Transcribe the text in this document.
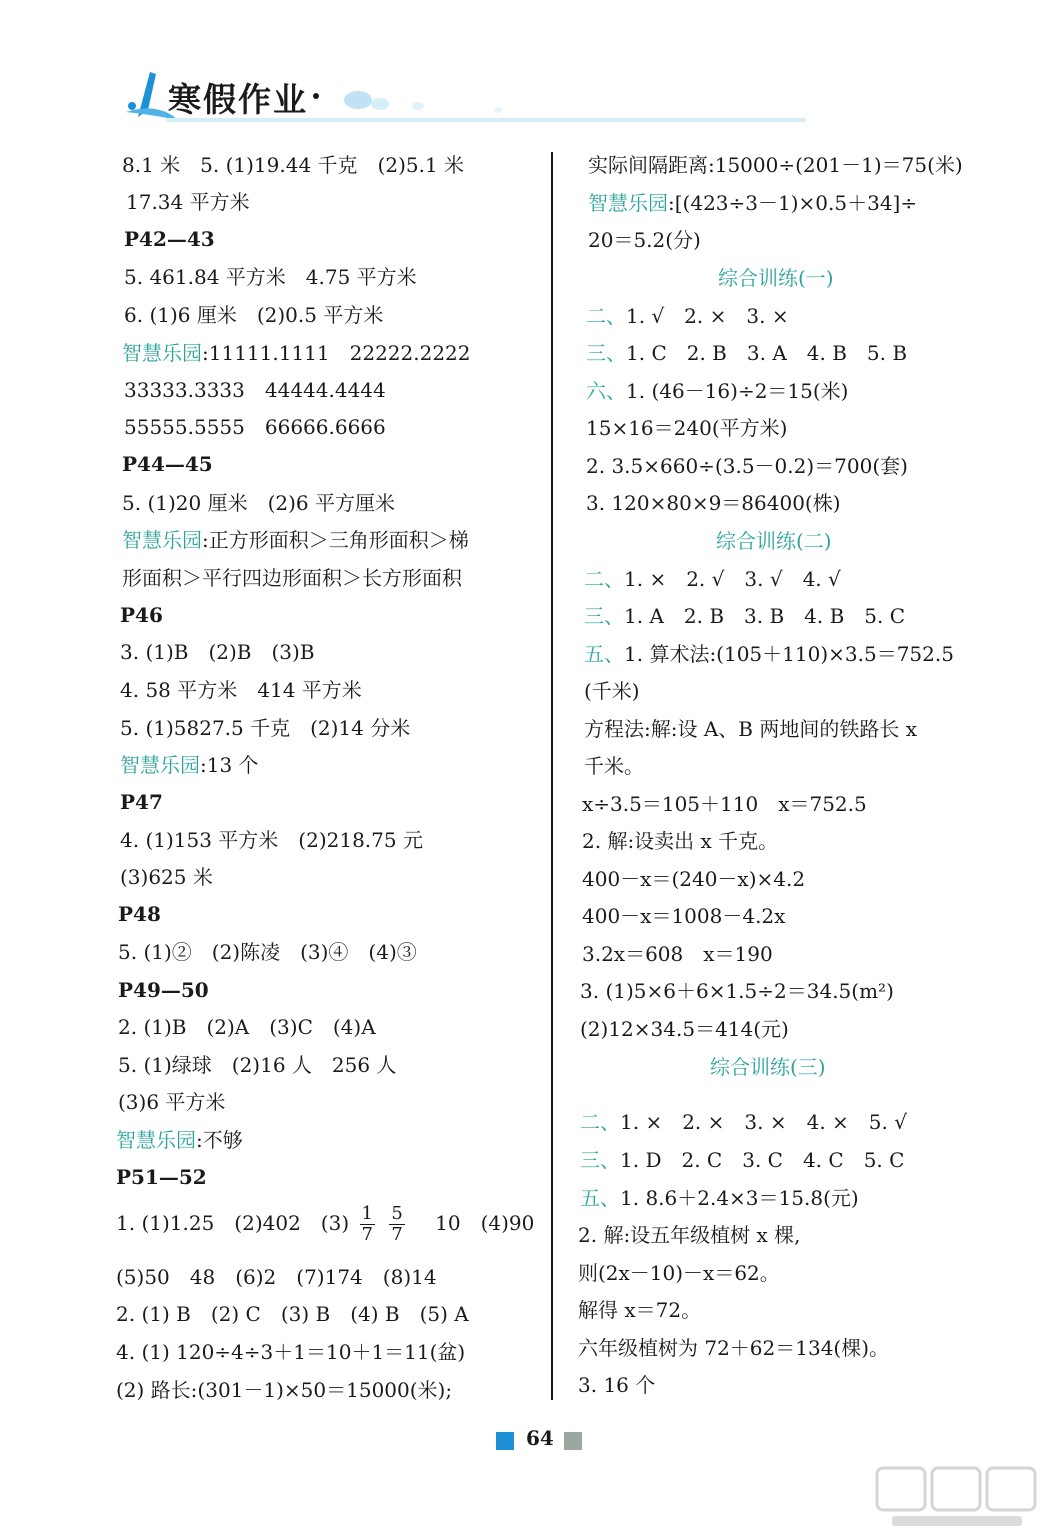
寒假作业
8.1 米　5. (1)19.44 千克　(2)5.1 米
17.34 平方米
P42—43
5. 461.84 平方米　4.75 平方米
6. (1)6 厘米　(2)0.5 平方米
智慧乐园:11111.1111　22222.2222
33333.3333　44444.4444
55555.5555　66666.6666
P44—45
5. (1)20 厘米　(2)6 平方厘米
智慧乐园:正方形面积＞三角形面积＞梯
形面积＞平行四边形面积＞长方形面积
P46
3. (1)B　(2)B　(3)B
4. 58 平方米　414 平方米
5. (1)5827.5 千克　(2)14 分米
智慧乐园:13 个
P47
4. (1)153 平方米　(2)218.75 元
(3)625 米
P48
5. (1)②　(2)陈凌　(3)④　(4)③
P49—50
2. (1)B　(2)A　(3)C　(4)A
5. (1)绿球　(2)16 人　256 人
(3)6 平方米
智慧乐园:不够
P51—52
(5)50　48　(6)2　(7)174　(8)14
2. (1) B　(2) C　(3) B　(4) B　(5) A
4. (1) 120÷4÷3＋1＝10＋1＝11(盆)
(2) 路长:(301－1)×50＝15000(米);
1. (1)1.25　(2)402　$(3) \frac{1}{7}$
$\frac{5}{7}$ 　10　(4)90
实际间隔距离:15000÷(201－1)＝75(米)
智慧乐园:[(423÷3－1)×0.5＋34]÷
20＝5.2(分)
综合训练(一)
二、1. √　2. ×　3. ×
三、1. C　2. B　3. A　4. B　5. B
六、1. (46－16)÷2＝15(米)
15×16＝240(平方米)
2. 3.5×660÷(3.5－0.2)＝700(套)
3. 120×80×9＝86400(株)
综合训练(二)
二、1. ×　2. √　3. √　4. √
三、1. A　2. B　3. B　4. B　5. C
五、1. 算术法:(105＋110)×3.5＝752.5
(千米)
方程法:解:设 A、B 两地间的铁路长 x
千米。
x÷3.5＝105＋110　x＝752.5
2. 解:设卖出 x 千克。
400－x＝(240－x)×4.2
400－x＝1008－4.2x
3.2x＝608　x＝190
3. (1)5×6＋6×1.5÷2＝34.5(m²)
(2)12×34.5＝414(元)
综合训练(三)
二、1. ×　2. ×　3. ×　4. ×　5. √
三、1. D　2. C　3. C　4. C　5. C
五、1. 8.6＋2.4×3＝15.8(元)
2. 解:设五年级植树 x 棵,
则(2x－10)－x＝62。
解得 x＝72。
六年级植树为 72＋62＝134(棵)。
3. 16 个
64
